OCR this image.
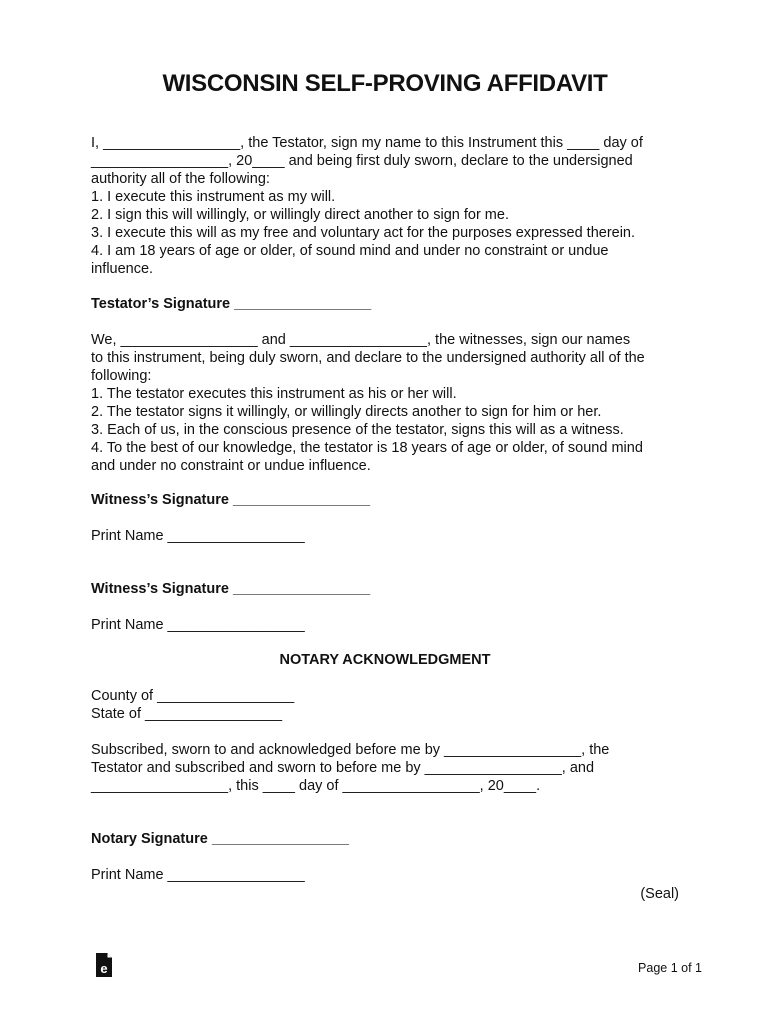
WISCONSIN SELF-PROVING AFFIDAVIT
I, _________________, the Testator, sign my name to this Instrument this ____ day of
_________________, 20____ and being first duly sworn, declare to the undersigned
authority all of the following:
1. I execute this instrument as my will.
2. I sign this will willingly, or willingly direct another to sign for me.
3. I execute this will as my free and voluntary act for the purposes expressed therein.
4. I am 18 years of age or older, of sound mind and under no constraint or undue
influence.
Testator’s Signature _________________
We, _________________ and _________________, the witnesses, sign our names
to this instrument, being duly sworn, and declare to the undersigned authority all of the
following:
1. The testator executes this instrument as his or her will.
2. The testator signs it willingly, or willingly directs another to sign for him or her.
3. Each of us, in the conscious presence of the testator, signs this will as a witness.
4. To the best of our knowledge, the testator is 18 years of age or older, of sound mind
and under no constraint or undue influence.
Witness’s Signature _________________
Print Name _________________
Witness’s Signature _________________
Print Name _________________
NOTARY ACKNOWLEDGMENT
County of _________________
State of _________________
Subscribed, sworn to and acknowledged before me by _________________, the
Testator and subscribed and sworn to before me by _________________, and
_________________, this ____ day of _________________, 20____.
Notary Signature _________________
Print Name _________________
(Seal)
e	Page 1 of 1
